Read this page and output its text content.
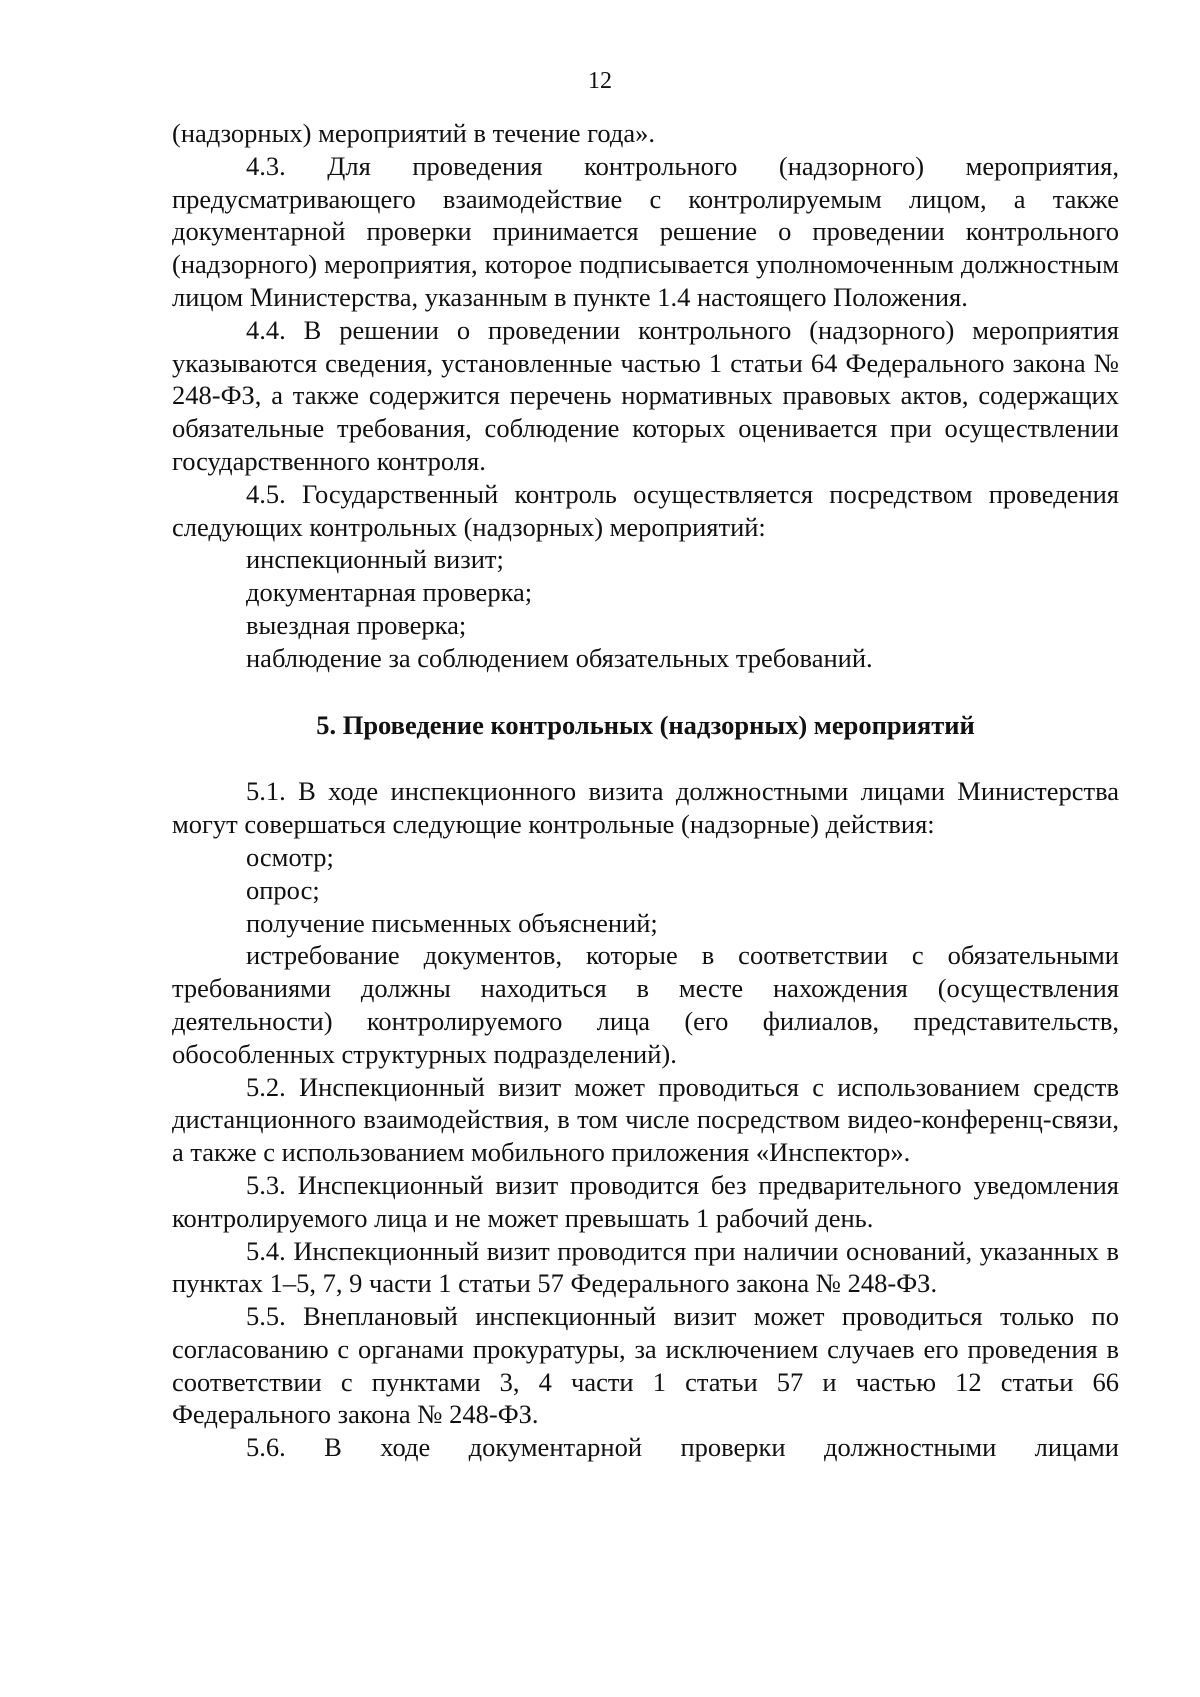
12

(надзорных) мероприятий в течение года».

4.3. Для проведения контрольного (надзорного) мероприятия, предусматривающего взаимодействие с контролируемым лицом, а также документарной проверки принимается решение о проведении контрольного (надзорного) мероприятия, которое подписывается уполномоченным должностным лицом Министерства, указанным в пункте 1.4 настоящего Положения.

4.4. В решении о проведении контрольного (надзорного) мероприятия указываются сведения, установленные частью 1 статьи 64 Федерального закона № 248-ФЗ, а также содержится перечень нормативных правовых актов, содержащих обязательные требования, соблюдение которых оценивается при осуществлении государственного контроля.

4.5. Государственный контроль осуществляется посредством проведения следующих контрольных (надзорных) мероприятий:

инспекционный визит;

документарная проверка;

выездная проверка;

наблюдение за соблюдением обязательных требований.

5. Проведение контрольных (надзорных) мероприятий

5.1. В ходе инспекционного визита должностными лицами Министерства могут совершаться следующие контрольные (надзорные) действия:

осмотр;

опрос;

получение письменных объяснений;

истребование документов, которые в соответствии с обязательными требованиями должны находиться в месте нахождения (осуществления деятельности) контролируемого лица (его филиалов, представительств, обособленных структурных подразделений).

5.2. Инспекционный визит может проводиться с использованием средств дистанционного взаимодействия, в том числе посредством видео-конференц-связи, а также с использованием мобильного приложения «Инспектор».

5.3. Инспекционный визит проводится без предварительного уведомления контролируемого лица и не может превышать 1 рабочий день.

5.4. Инспекционный визит проводится при наличии оснований, указанных в пунктах 1–5, 7, 9 части 1 статьи 57 Федерального закона № 248-ФЗ.

5.5. Внеплановый инспекционный визит может проводиться только по согласованию с органами прокуратуры, за исключением случаев его проведения в соответствии с пунктами 3, 4 части 1 статьи 57 и частью 12 статьи 66 Федерального закона № 248-ФЗ.

5.6. В ходе документарной проверки должностными лицами
